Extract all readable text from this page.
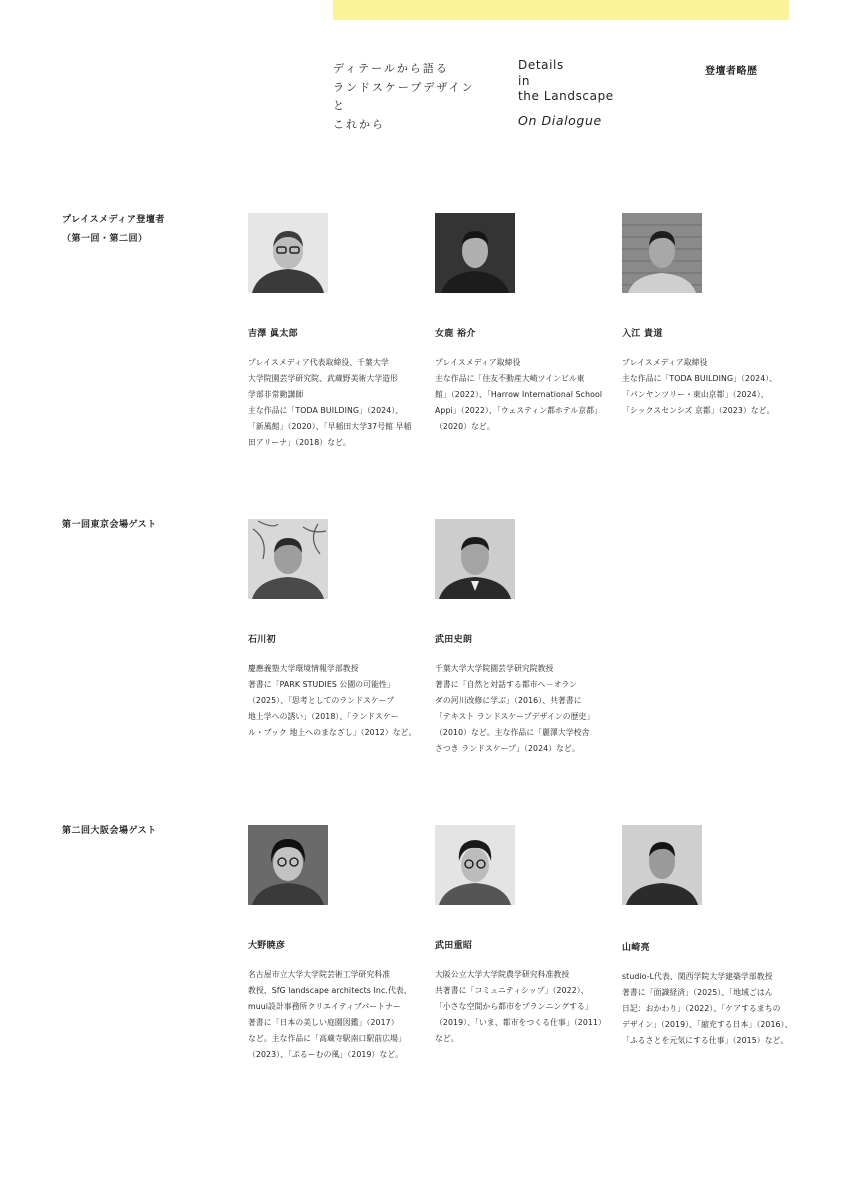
ディテールから語る
ランドスケープデザイン
と
これから
Details
in
the Landscape
On Dialogue
登壇者略歴
プレイスメディア登壇者
（第一回・第二回）
吉澤 眞太郎
プレイスメディア代表取締役、千葉大学
大学院園芸学研究院、武蔵野美術大学造形
学部非常勤講師
主な作品に「TODA BUILDING」（2024）、
「新風館」（2020）、「早稲田大学37号館 早稲
田アリーナ」（2018）など。
女鹿 裕介
プレイスメディア取締役
主な作品に「住友不動産大崎ツインビル東
館」（2022）、「Harrow International School
Appi」（2022）、「ウェスティン都ホテル京都」
（2020）など。
入江 貴道
プレイスメディア取締役
主な作品に「TODA BUILDING」（2024）、
「パンヤンツリー・東山京都」（2024）、
「シックスセンシズ 京都」（2023）など。
第一回東京会場ゲスト
石川初
慶應義塾大学環境情報学部教授
著書に「PARK STUDIES 公園の可能性」
（2025）、「思考としてのランドスケープ
地上学への誘い」（2018）、「ランドスケー
ル・ブック 地上へのまなざし」（2012）など。
武田史朗
千葉大学大学院園芸学研究院教授
著書に「自然と対話する都市へ－オラン
ダの河川改修に学ぶ」（2016）、共著書に
「テキスト ランドスケープデザインの歴史」
（2010）など。主な作品に「麗澤大学校舎
さつき ランドスケープ」（2024）など。
第二回大阪会場ゲスト
大野暁彦
名古屋市立大学大学院芸術工学研究科准
教授、SfG landscape architects Inc.代表、
muui設計事務所クリエイティブパートナー
著書に「日本の美しい庭園図鑑」（2017）
など。主な作品に「高蔵寺駅南口駅前広場」
（2023）、「ぷるーむの風」（2019）など。
武田重昭
大阪公立大学大学院農学研究科准教授
共著書に「コミュニティシップ」（2022）、
「小さな空間から都市をプランニングする」
（2019）、「いま、都市をつくる仕事」（2011）
など。
山崎亮
studio-L代表、関西学院大学建築学部教授
著書に「面識経済」（2025）、「地域ごはん
日記：おかわり」（2022）、「ケアするまちの
デザイン」（2019）、「縮充する日本」（2016）、
「ふるさとを元気にする仕事」（2015）など。
